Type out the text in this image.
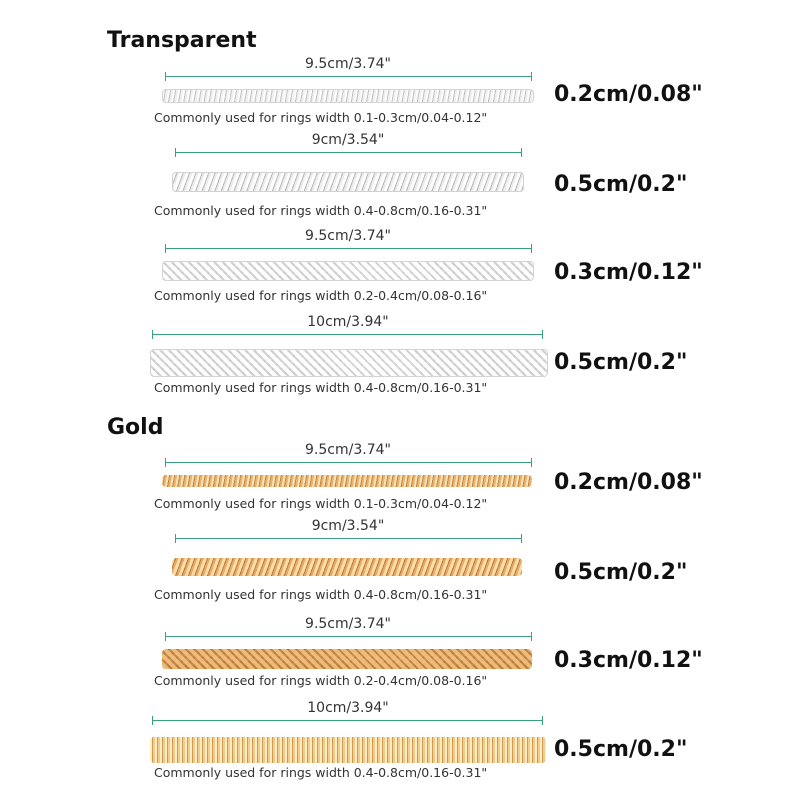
Transparent
9.5cm/3.74"
Commonly used for rings width 0.1-0.3cm/0.04-0.12"
0.2cm/0.08"
9cm/3.54"
Commonly used for rings width 0.4-0.8cm/0.16-0.31"
0.5cm/0.2"
9.5cm/3.74"
Commonly used for rings width 0.2-0.4cm/0.08-0.16"
0.3cm/0.12"
10cm/3.94"
Commonly used for rings width 0.4-0.8cm/0.16-0.31"
0.5cm/0.2"
Gold
9.5cm/3.74"
Commonly used for rings width 0.1-0.3cm/0.04-0.12"
0.2cm/0.08"
9cm/3.54"
Commonly used for rings width 0.4-0.8cm/0.16-0.31"
0.5cm/0.2"
9.5cm/3.74"
Commonly used for rings width 0.2-0.4cm/0.08-0.16"
0.3cm/0.12"
10cm/3.94"
Commonly used for rings width 0.4-0.8cm/0.16-0.31"
0.5cm/0.2"
